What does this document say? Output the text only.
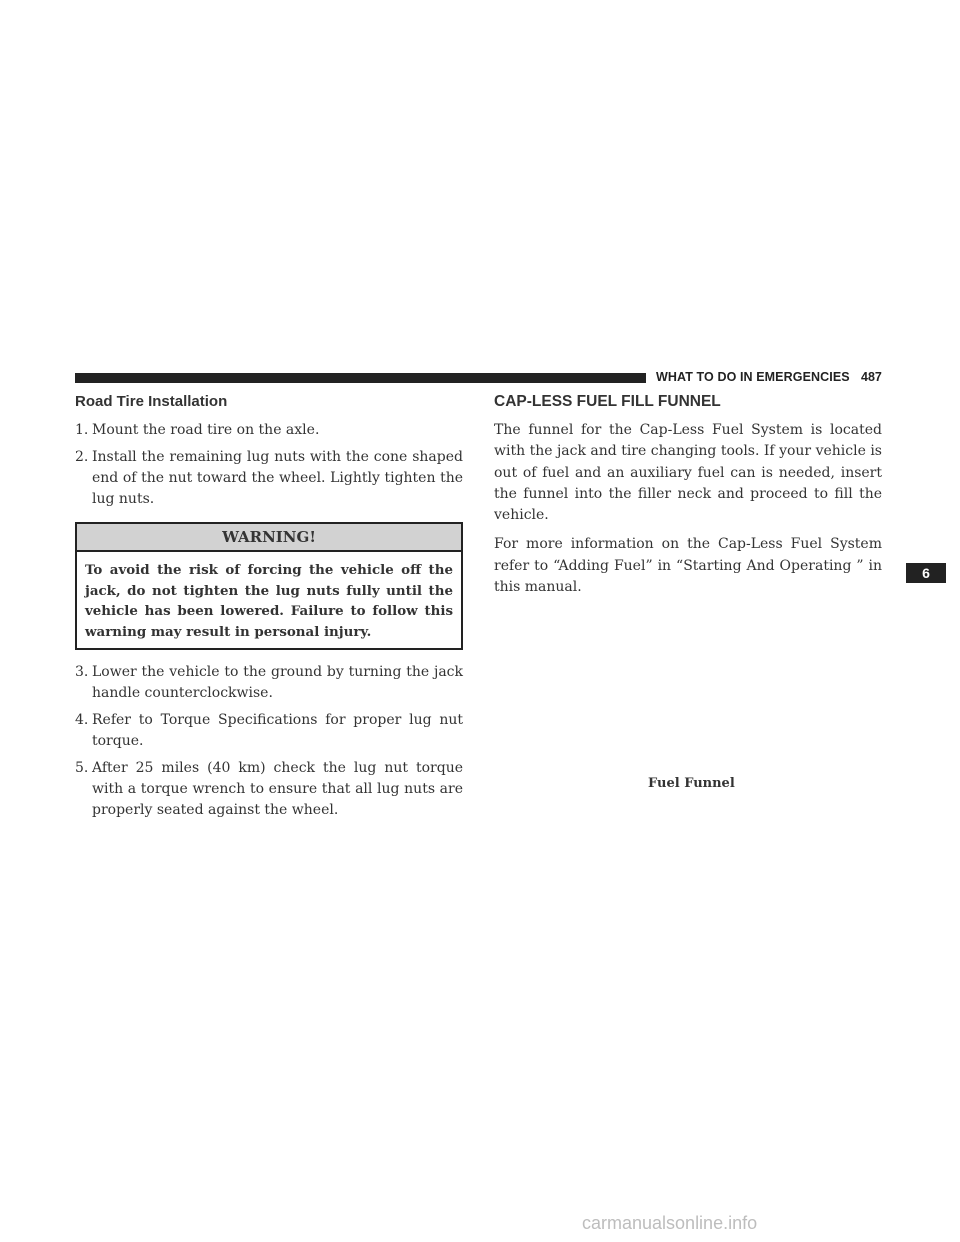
WHAT TO DO IN EMERGENCIES 487
Road Tire Installation
1. Mount the road tire on the axle.
2. Install the remaining lug nuts with the cone shaped end of the nut toward the wheel. Lightly tighten the lug nuts.
WARNING!
To avoid the risk of forcing the vehicle off the jack, do not tighten the lug nuts fully until the vehicle has been lowered. Failure to follow this warning may result in personal injury.
3. Lower the vehicle to the ground by turning the jack handle counterclockwise.
4. Refer to Torque Specifications for proper lug nut torque.
5. After 25 miles (40 km) check the lug nut torque with a torque wrench to ensure that all lug nuts are properly seated against the wheel.
CAP-LESS FUEL FILL FUNNEL

The funnel for the Cap-Less Fuel System is located with the jack and tire changing tools. If your vehicle is out of fuel and an auxiliary fuel can is needed, insert the funnel into the filler neck and proceed to fill the vehicle.

For more information on the Cap-Less Fuel System refer to “Adding Fuel” in “Starting And Operating ” in this manual.

Fuel Funnel
6
carmanualsonline.info
